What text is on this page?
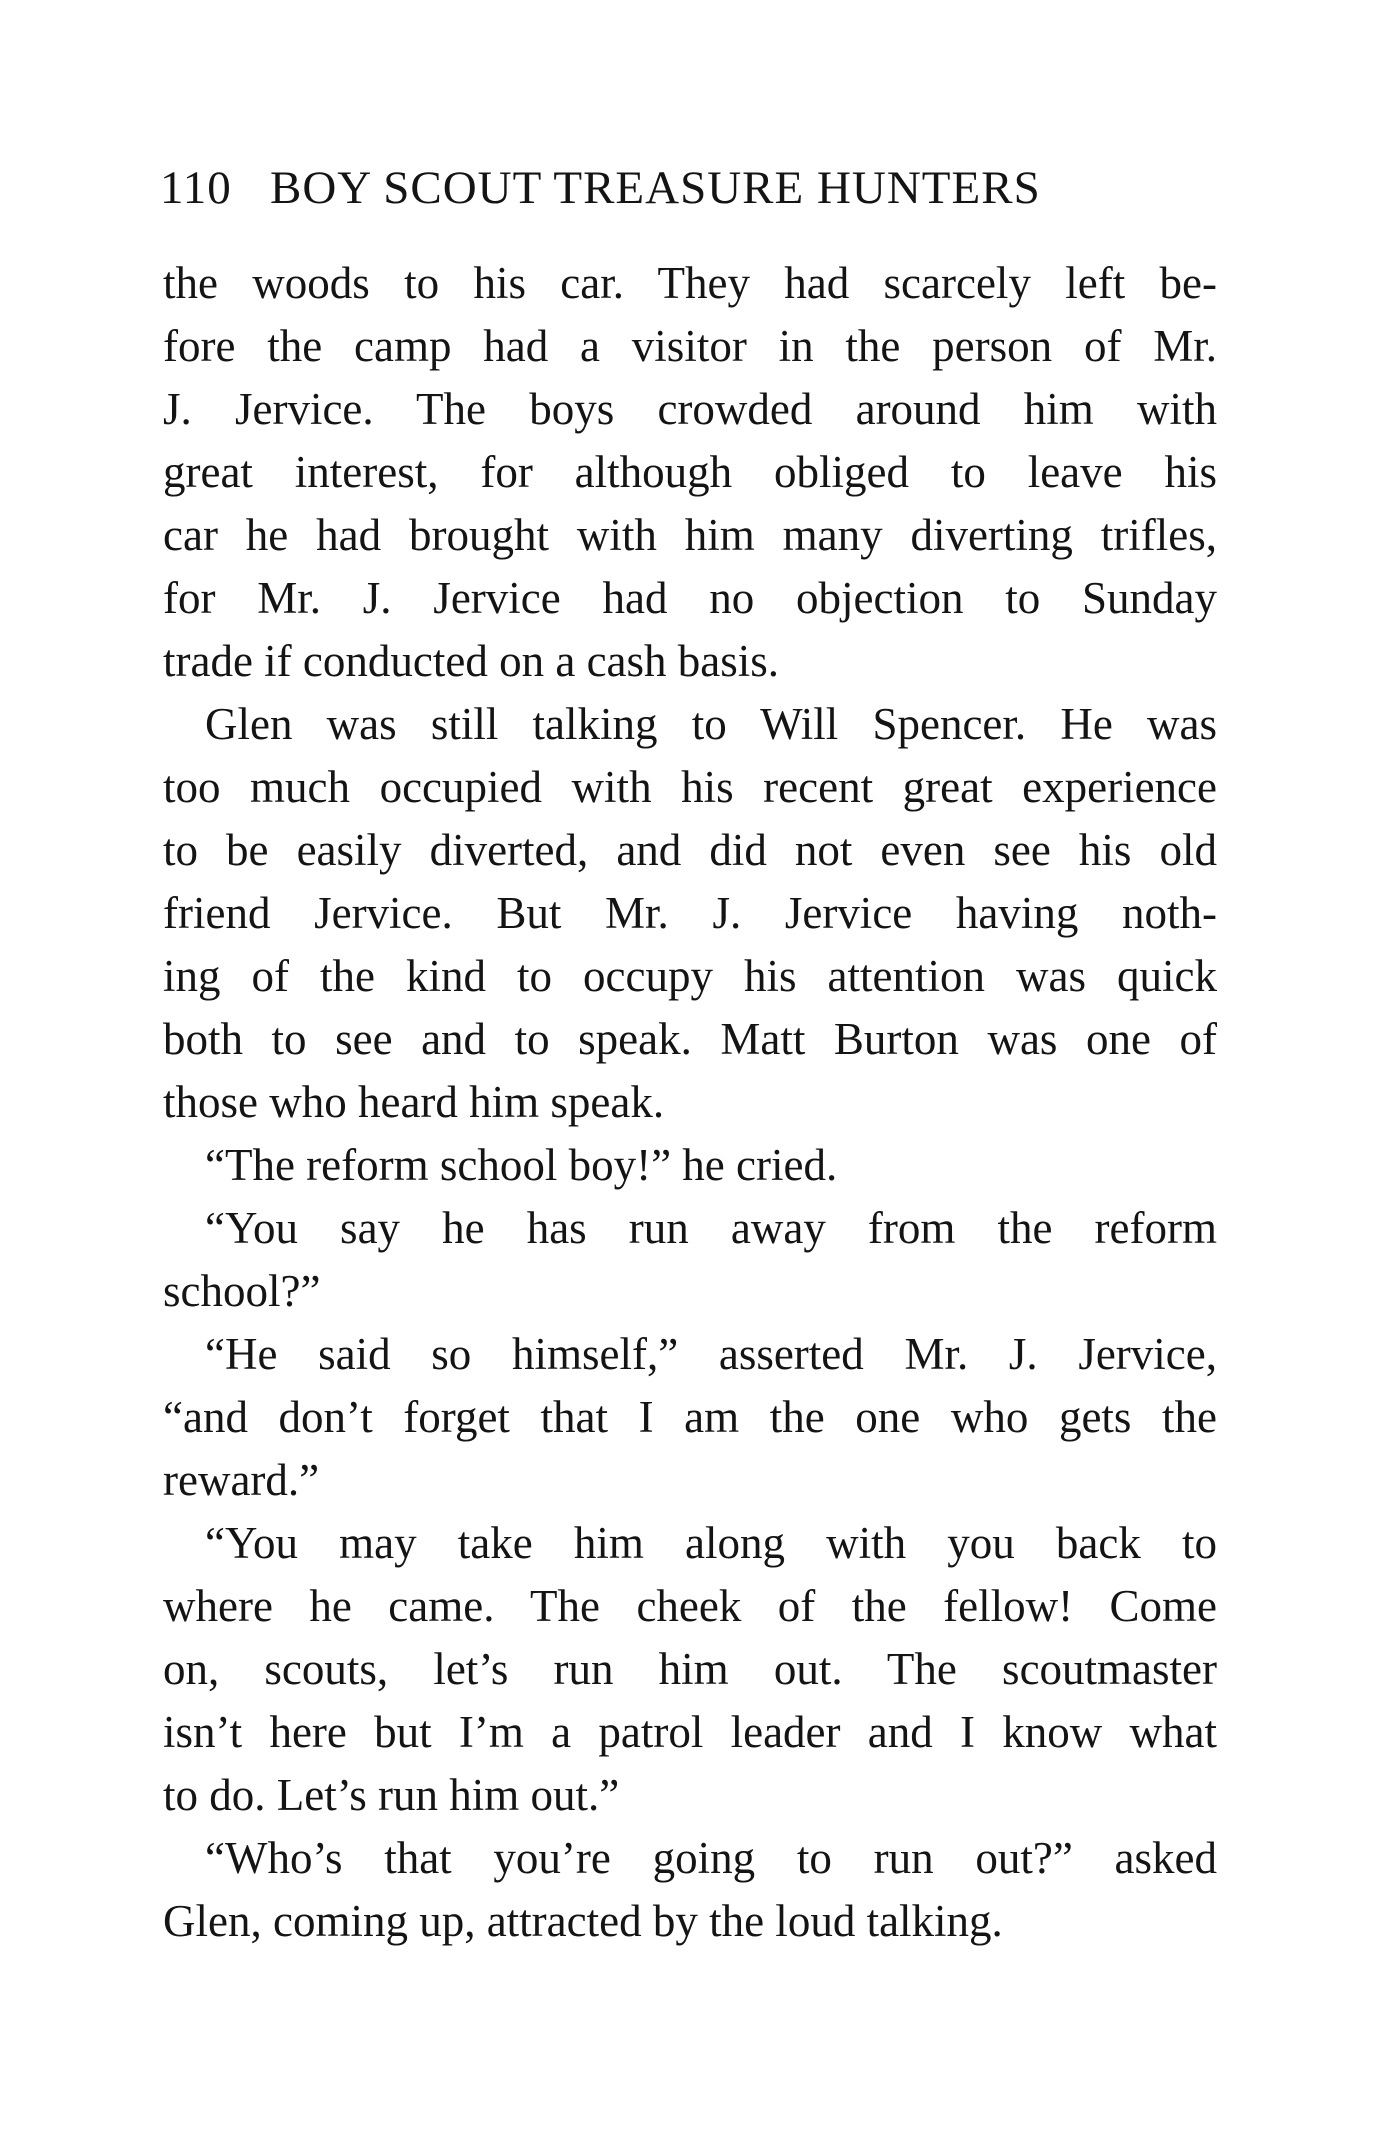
110 BOY SCOUT TREASURE HUNTERS
the woods to his car. They had scarcely left be-
fore the camp had a visitor in the person of Mr.
J. Jervice. The boys crowded around him with
great interest, for although obliged to leave his
car he had brought with him many diverting trifles,
for Mr. J. Jervice had no objection to Sunday
trade if conducted on a cash basis.
Glen was still talking to Will Spencer. He was
too much occupied with his recent great experience
to be easily diverted, and did not even see his old
friend Jervice. But Mr. J. Jervice having noth-
ing of the kind to occupy his attention was quick
both to see and to speak. Matt Burton was one of
those who heard him speak.
“The reform school boy!” he cried.
“You say he has run away from the reform
school?”
“He said so himself,” asserted Mr. J. Jervice,
“and don’t forget that I am the one who gets the
reward.”
“You may take him along with you back to
where he came. The cheek of the fellow! Come
on, scouts, let’s run him out. The scoutmaster
isn’t here but I’m a patrol leader and I know what
to do. Let’s run him out.”
“Who’s that you’re going to run out?” asked
Glen, coming up, attracted by the loud talking.
